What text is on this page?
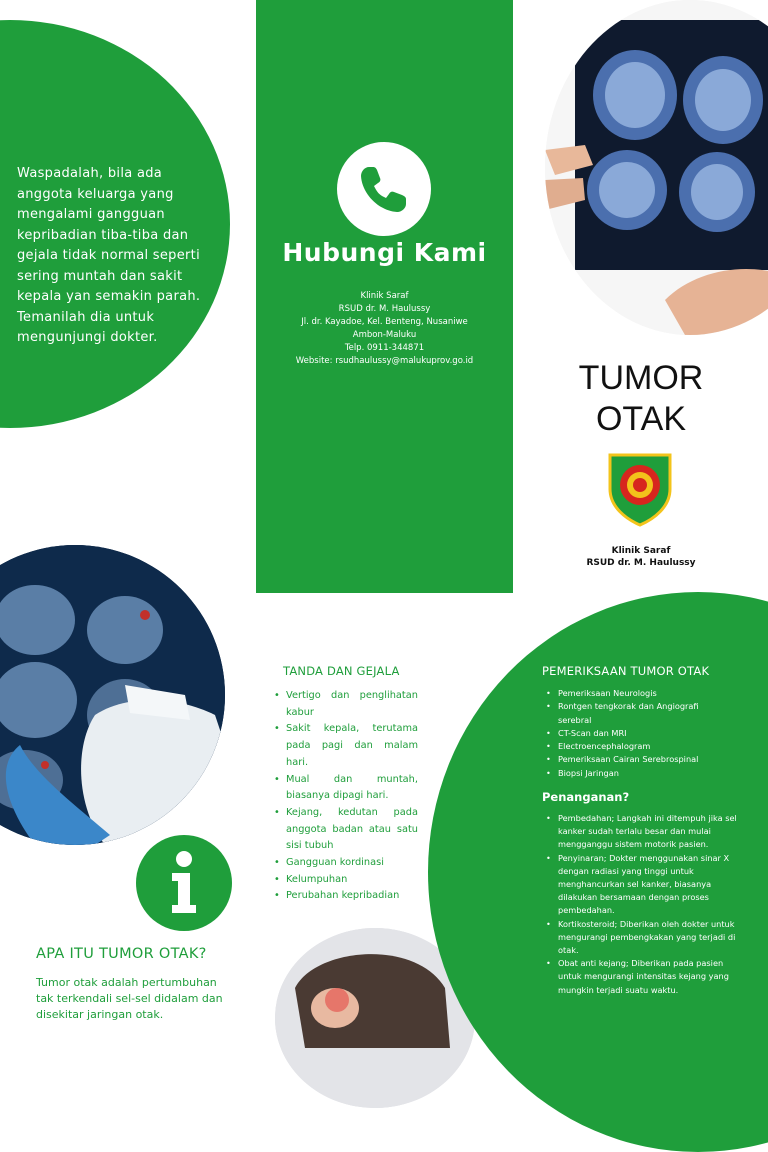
Waspadalah, bila ada anggota keluarga yang mengalami gangguan kepribadian tiba-tiba dan gejala tidak normal seperti sering muntah dan sakit kepala yan semakin parah. Temanilah dia untuk mengunjungi dokter.
Hubungi Kami
Klinik Saraf
RSUD dr. M. Haulussy
Jl. dr. Kayadoe, Kel. Benteng, Nusaniwe
Ambon-Maluku
Telp. 0911-344871
Website: rsudhaulussy@malukuprov.go.id	TUMOR
OTAK
Klinik Saraf
RSUD dr. M. Haulussy
APA ITU TUMOR OTAK?
Tumor otak adalah pertumbuhan tak terkendali sel-sel didalam dan disekitar jaringan otak.
TANDA DAN GEJALA
• Vertigo dan penglihatan kabur
• Sakit kepala, terutama pada pagi dan malam hari.
• Mual dan muntah, biasanya dipagi hari.
• Kejang, kedutan pada anggota badan atau satu sisi tubuh
• Gangguan kordinasi
• Kelumpuhan
• Perubahan kepribadian
PEMERIKSAAN TUMOR OTAK
• Pemeriksaan Neurologis
• Rontgen tengkorak dan Angiografi serebral
• CT-Scan dan MRI
• Electroencephalogram
• Pemeriksaan Cairan Serebrospinal
• Biopsi Jaringan
Penanganan?
• Pembedahan; Langkah ini ditempuh jika sel kanker sudah terlalu besar dan mulai mengganggu sistem motorik pasien.
• Penyinaran; Dokter menggunakan sinar X dengan radiasi yang tinggi untuk menghancurkan sel kanker, biasanya dilakukan bersamaan dengan proses pembedahan.
• Kortikosteroid; Diberikan oleh dokter untuk mengurangi pembengkakan yang terjadi di otak.
• Obat anti kejang; Diberikan pada pasien untuk mengurangi intensitas kejang yang mungkin terjadi suatu waktu.
